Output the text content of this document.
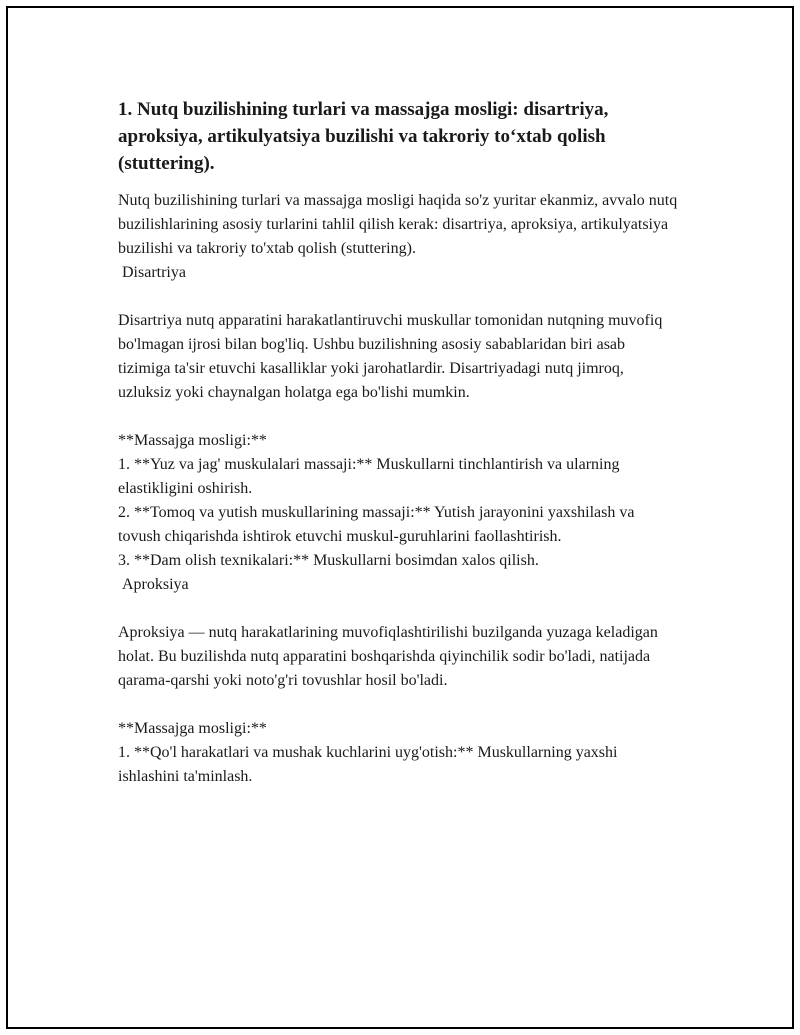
1. Nutq buzilishining turlari va massajga mosligi: disartriya, aproksiya, artikulyatsiya buzilishi va takroriy to‘xtab qolish (stuttering).

Nutq buzilishining turlari va massajga mosligi haqida so'z yuritar ekanmiz, avvalo nutq buzilishlarining asosiy turlarini tahlil qilish kerak: disartriya, aproksiya, artikulyatsiya buzilishi va takroriy to'xtab qolish (stuttering).

Disartriya

Disartriya nutq apparatini harakatlantiruvchi muskullar tomonidan nutqning muvofiq bo'lmagan ijrosi bilan bog'liq. Ushbu buzilishning asosiy sabablaridan biri asab tizimiga ta'sir etuvchi kasalliklar yoki jarohatlardir. Disartriyadagi nutq jimroq, uzluksiz yoki chaynalgan holatga ega bo'lishi mumkin.

**Massajga mosligi:**

1. **Yuz va jag' muskulalari massaji:** Muskullarni tinchlantirish va ularning elastikligini oshirish.
2. **Tomoq va yutish muskullarining massaji:** Yutish jarayonini yaxshilash va tovush chiqarishda ishtirok etuvchi muskul-guruhlarini faollashtirish.
3. **Dam olish texnikalari:** Muskullarni bosimdan xalos qilish.

Aproksiya

Aproksiya — nutq harakatlarining muvofiqlashtirilishi buzilganda yuzaga keladigan holat. Bu buzilishda nutq apparatini boshqarishda qiyinchilik sodir bo'ladi, natijada qarama-qarshi yoki noto'g'ri tovushlar hosil bo'ladi.

**Massajga mosligi:**

1. **Qo'l harakatlari va mushak kuchlarini uyg'otish:** Muskullarning yaxshi ishlashini ta'minlash.
